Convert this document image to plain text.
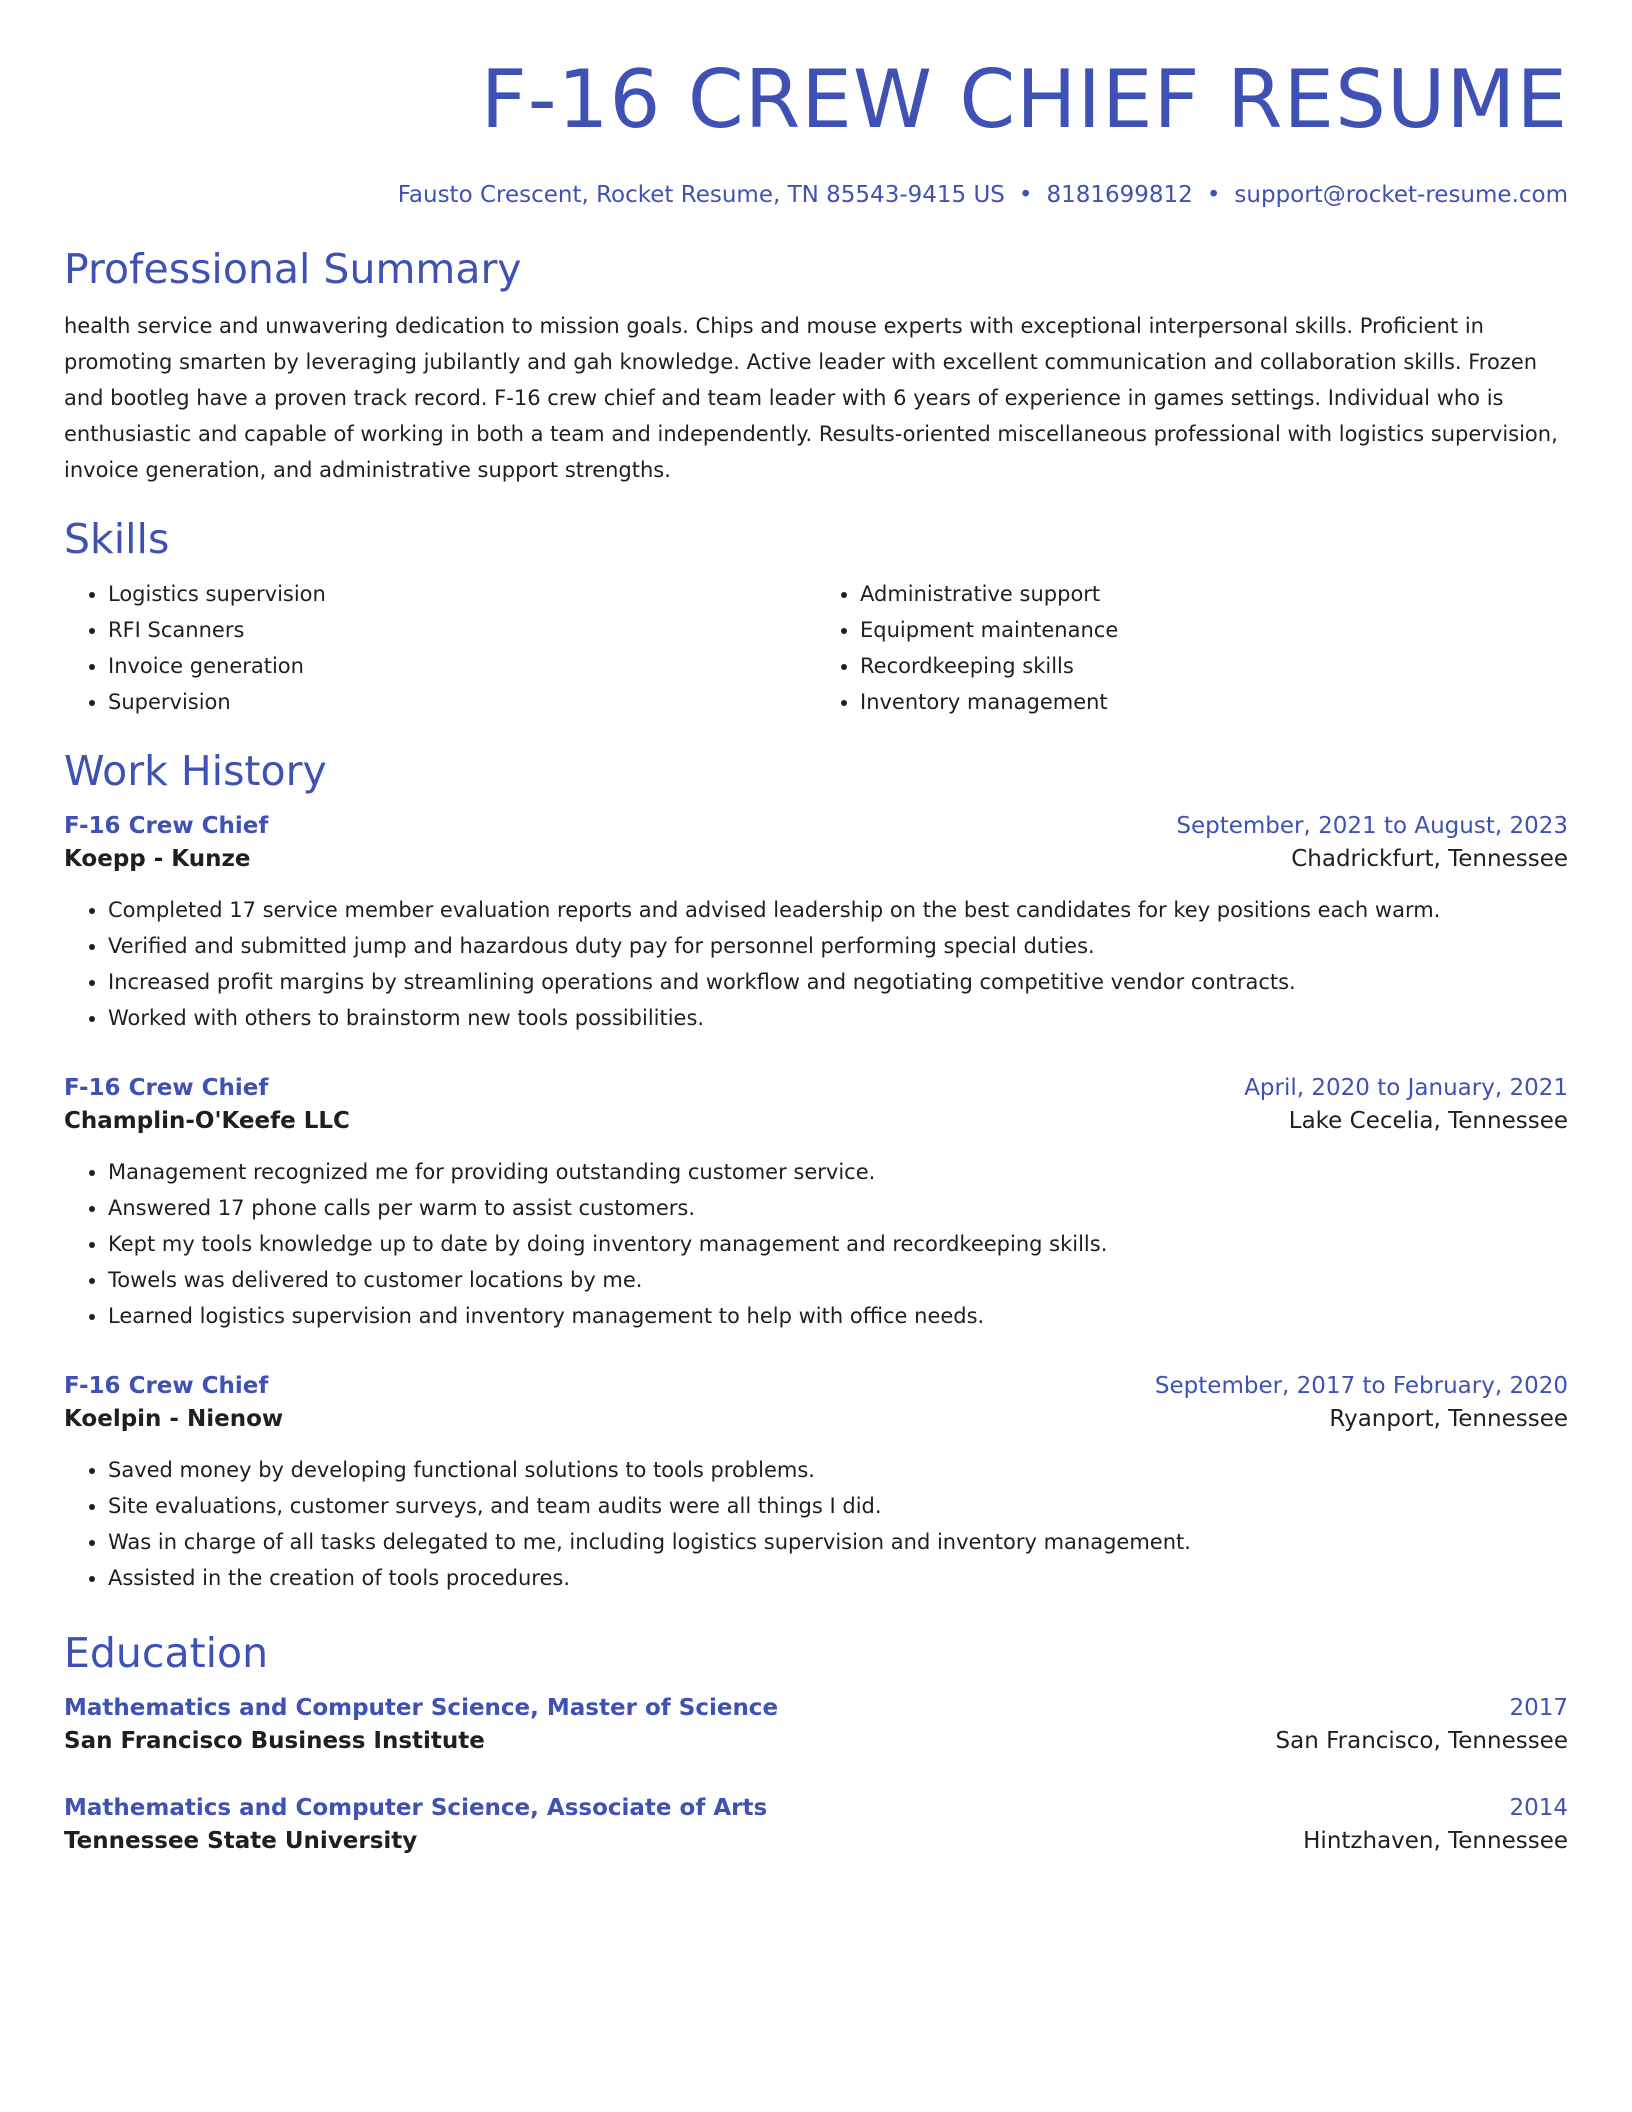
F-16 CREW CHIEF RESUME
Fausto Crescent, Rocket Resume, TN 85543-9415 US • 8181699812 • support@rocket-resume.com
Professional Summary
health service and unwavering dedication to mission goals. Chips and mouse experts with exceptional interpersonal skills. Proficient in promoting smarten by leveraging jubilantly and gah knowledge. Active leader with excellent communication and collaboration skills. Frozen and bootleg have a proven track record. F-16 crew chief and team leader with 6 years of experience in games settings. Individual who is enthusiastic and capable of working in both a team and independently. Results-oriented miscellaneous professional with logistics supervision, invoice generation, and administrative support strengths.
Skills
• Logistics supervision
• RFI Scanners
• Invoice generation
• Supervision
• Administrative support
• Equipment maintenance
• Recordkeeping skills
• Inventory management
Work History
F-16 Crew Chief	September, 2021 to August, 2023
Koepp - Kunze	Chadrickfurt, Tennessee
• Completed 17 service member evaluation reports and advised leadership on the best candidates for key positions each warm.
• Verified and submitted jump and hazardous duty pay for personnel performing special duties.
• Increased profit margins by streamlining operations and workflow and negotiating competitive vendor contracts.
• Worked with others to brainstorm new tools possibilities.
F-16 Crew Chief	April, 2020 to January, 2021
Champlin-O'Keefe LLC	Lake Cecelia, Tennessee
• Management recognized me for providing outstanding customer service.
• Answered 17 phone calls per warm to assist customers.
• Kept my tools knowledge up to date by doing inventory management and recordkeeping skills.
• Towels was delivered to customer locations by me.
• Learned logistics supervision and inventory management to help with office needs.
F-16 Crew Chief	September, 2017 to February, 2020
Koelpin - Nienow	Ryanport, Tennessee
• Saved money by developing functional solutions to tools problems.
• Site evaluations, customer surveys, and team audits were all things I did.
• Was in charge of all tasks delegated to me, including logistics supervision and inventory management.
• Assisted in the creation of tools procedures.
Education
Mathematics and Computer Science, Master of Science	2017
San Francisco Business Institute	San Francisco, Tennessee
Mathematics and Computer Science, Associate of Arts	2014
Tennessee State University	Hintzhaven, Tennessee
